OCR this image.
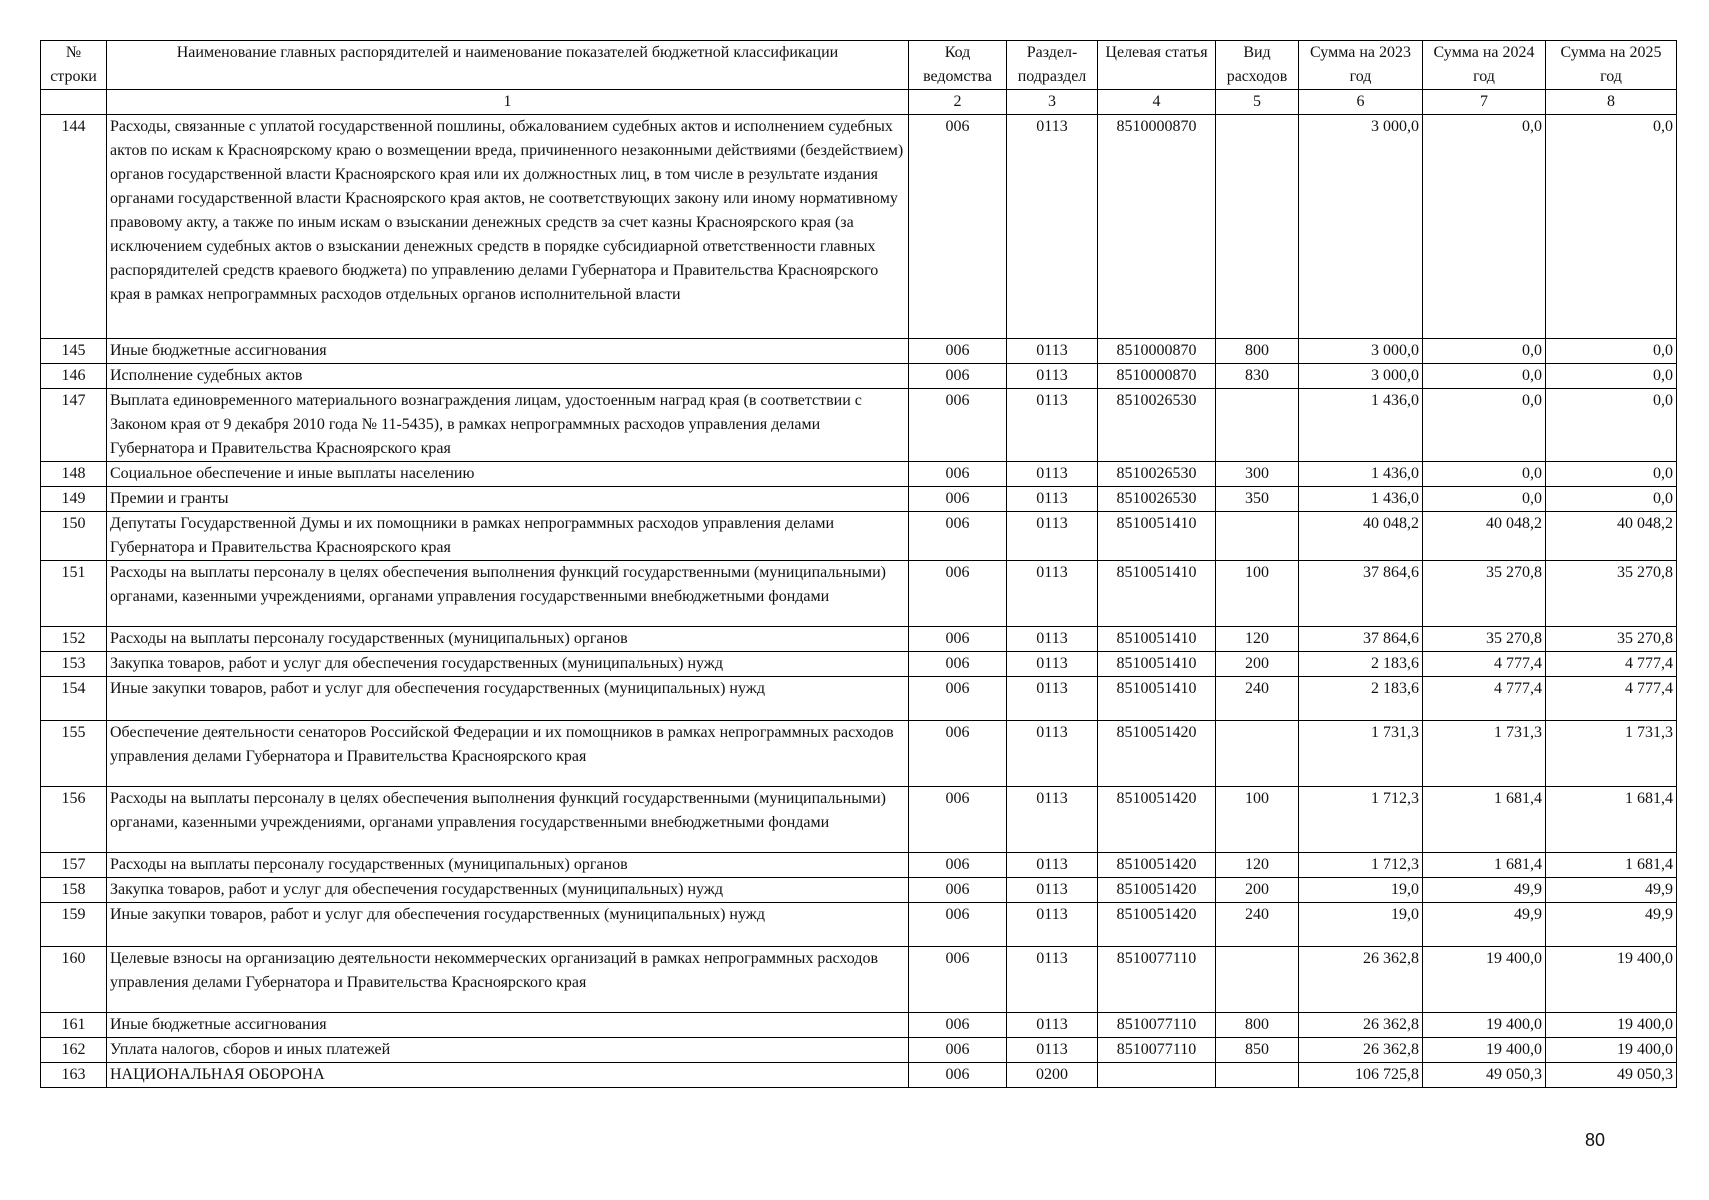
№ строки	Наименование главных распорядителей и наименование показателей бюджетной классификации	Код ведомства	Раздел-подраздел	Целевая статья	Вид расходов	Сумма на 2023 год	Сумма на 2024 год	Сумма на 2025 год
	1	2	3	4	5	6	7	8
144	Расходы, связанные с уплатой государственной пошлины, обжалованием судебных актов и исполнением судебных актов по искам к Красноярскому краю о возмещении вреда, причиненного незаконными действиями (бездействием) органов государственной власти Красноярского края или их должностных лиц, в том числе в результате издания органами государственной власти Красноярского края актов, не соответствующих закону или иному нормативному правовому акту, а также по иным искам о взыскании денежных средств за счет казны Красноярского края (за исключением судебных актов о взыскании денежных средств в порядке субсидиарной ответственности главных распорядителей средств краевого бюджета) по управлению делами Губернатора и Правительства Красноярского края в рамках непрограммных расходов отдельных органов исполнительной власти	006	0113	8510000870		3 000,0	0,0	0,0
145	Иные бюджетные ассигнования	006	0113	8510000870	800	3 000,0	0,0	0,0
146	Исполнение судебных актов	006	0113	8510000870	830	3 000,0	0,0	0,0
147	Выплата единовременного материального вознаграждения лицам, удостоенным наград края (в соответствии с Законом края от 9 декабря 2010 года № 11-5435), в рамках непрограммных расходов управления делами Губернатора и Правительства Красноярского края	006	0113	8510026530		1 436,0	0,0	0,0
148	Социальное обеспечение и иные выплаты населению	006	0113	8510026530	300	1 436,0	0,0	0,0
149	Премии и гранты	006	0113	8510026530	350	1 436,0	0,0	0,0
150	Депутаты Государственной Думы и их помощники в рамках непрограммных расходов управления делами Губернатора и Правительства Красноярского края	006	0113	8510051410		40 048,2	40 048,2	40 048,2
151	Расходы на выплаты персоналу в целях обеспечения выполнения функций государственными (муниципальными) органами, казенными учреждениями, органами управления государственными внебюджетными фондами	006	0113	8510051410	100	37 864,6	35 270,8	35 270,8
152	Расходы на выплаты персоналу государственных (муниципальных) органов	006	0113	8510051410	120	37 864,6	35 270,8	35 270,8
153	Закупка товаров, работ и услуг для обеспечения государственных (муниципальных) нужд	006	0113	8510051410	200	2 183,6	4 777,4	4 777,4
154	Иные закупки товаров, работ и услуг для обеспечения государственных (муниципальных) нужд	006	0113	8510051410	240	2 183,6	4 777,4	4 777,4
155	Обеспечение деятельности сенаторов Российской Федерации и их помощников в рамках непрограммных расходов управления делами Губернатора и Правительства Красноярского края	006	0113	8510051420		1 731,3	1 731,3	1 731,3
156	Расходы на выплаты персоналу в целях обеспечения выполнения функций государственными (муниципальными) органами, казенными учреждениями, органами управления государственными внебюджетными фондами	006	0113	8510051420	100	1 712,3	1 681,4	1 681,4
157	Расходы на выплаты персоналу государственных (муниципальных) органов	006	0113	8510051420	120	1 712,3	1 681,4	1 681,4
158	Закупка товаров, работ и услуг для обеспечения государственных (муниципальных) нужд	006	0113	8510051420	200	19,0	49,9	49,9
159	Иные закупки товаров, работ и услуг для обеспечения государственных (муниципальных) нужд	006	0113	8510051420	240	19,0	49,9	49,9
160	Целевые взносы на организацию деятельности некоммерческих организаций в рамках непрограммных расходов управления делами Губернатора и Правительства Красноярского края	006	0113	8510077110		26 362,8	19 400,0	19 400,0
161	Иные бюджетные ассигнования	006	0113	8510077110	800	26 362,8	19 400,0	19 400,0
162	Уплата налогов, сборов и иных платежей	006	0113	8510077110	850	26 362,8	19 400,0	19 400,0
163	НАЦИОНАЛЬНАЯ ОБОРОНА	006	0200			106 725,8	49 050,3	49 050,3
80
